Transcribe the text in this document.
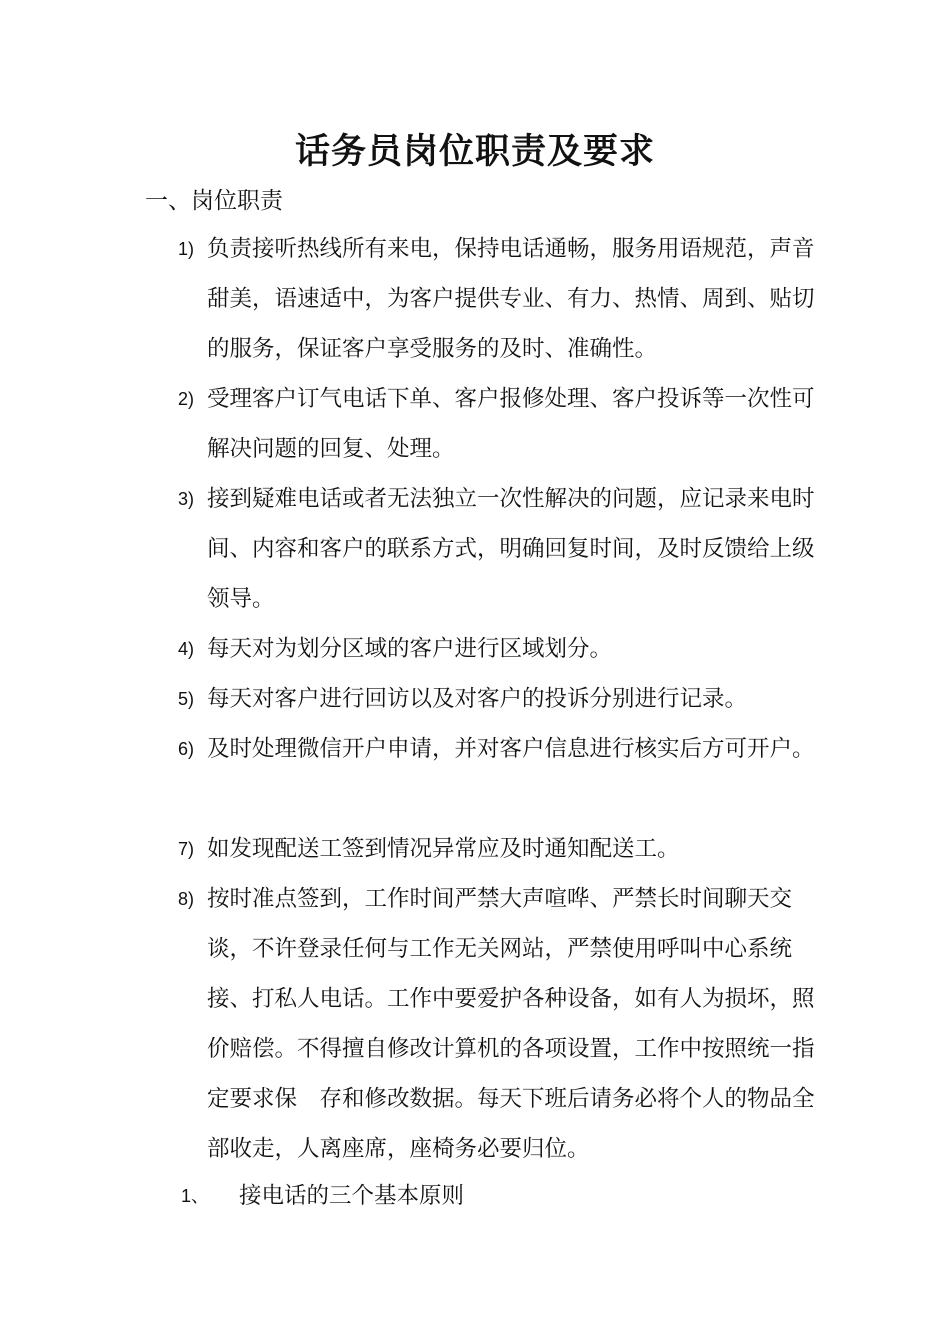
话务员岗位职责及要求
一、岗位职责
1) 负责接听热线所有来电，保持电话通畅，服务用语规范，声音甜美，语速适中，为客户提供专业、有力、热情、周到、贴切的服务，保证客户享受服务的及时、准确性。
2) 受理客户订气电话下单、客户报修处理、客户投诉等一次性可解决问题的回复、处理。
3) 接到疑难电话或者无法独立一次性解决的问题，应记录来电时间、内容和客户的联系方式，明确回复时间，及时反馈给上级领导。
4) 每天对为划分区域的客户进行区域划分。
5) 每天对客户进行回访以及对客户的投诉分别进行记录。
6) 及时处理微信开户申请，并对客户信息进行核实后方可开户。
7) 如发现配送工签到情况异常应及时通知配送工。
8) 按时准点签到，工作时间严禁大声喧哗、严禁长时间聊天交谈，不许登录任何与工作无关网站，严禁使用呼叫中心系统接、打私人电话。工作中要爱护各种设备，如有人为损坏，照价赔偿。不得擅自修改计算机的各项设置，工作中按照统一指定要求保　存和修改数据。每天下班后请务必将个人的物品全部收走，人离座席，座椅务必要归位。
1、 接电话的三个基本原则
